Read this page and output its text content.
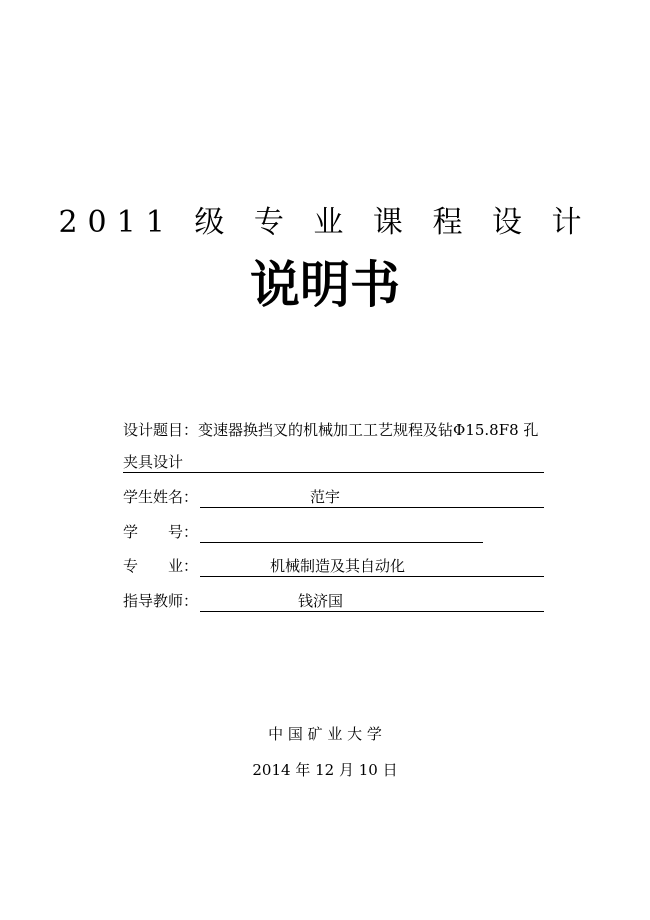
2011 级 专 业 课 程 设 计
说明书
设计题目：变速器换挡叉的机械加工工艺规程及钻Φ15.8F8 孔
夹具设计
学生姓名：	范宇
学　　号：
专　　业：	机械制造及其自动化
指导教师：	钱济国
中 国 矿 业 大 学
2014 年 12 月 10 日
